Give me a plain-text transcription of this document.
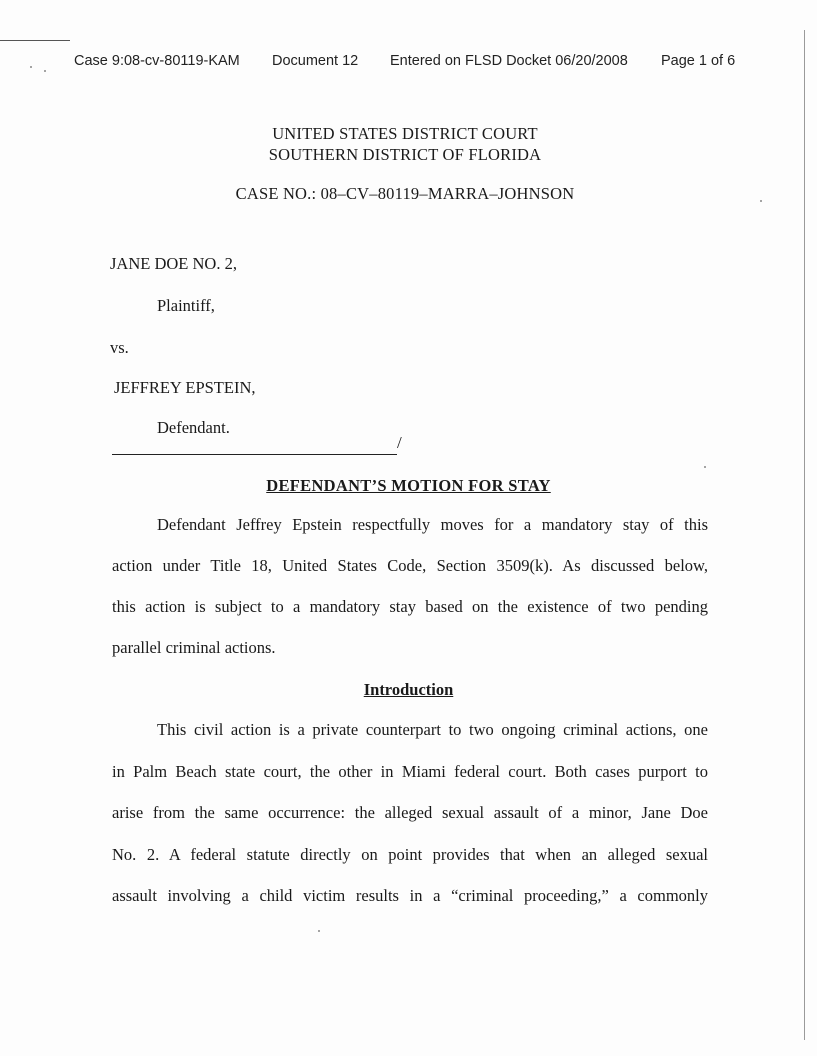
Case 9:08-cv-80119-KAM Document 12 Entered on FLSD Docket 06/20/2008 Page 1 of 6
UNITED STATES DISTRICT COURT
SOUTHERN DISTRICT OF FLORIDA
CASE NO.: 08–CV–80119–MARRA–JOHNSON
JANE DOE NO. 2,
Plaintiff,
vs.
JEFFREY EPSTEIN,
Defendant.
/
DEFENDANT’S MOTION FOR STAY
Defendant Jeffrey Epstein respectfully moves for a mandatory stay of this
action under Title 18, United States Code, Section 3509(k). As discussed below,
this action is subject to a mandatory stay based on the existence of two pending
parallel criminal actions.
Introduction
This civil action is a private counterpart to two ongoing criminal actions, one
in Palm Beach state court, the other in Miami federal court. Both cases purport to
arise from the same occurrence: the alleged sexual assault of a minor, Jane Doe
No. 2. A federal statute directly on point provides that when an alleged sexual
assault involving a child victim results in a “criminal proceeding,” a commonly
